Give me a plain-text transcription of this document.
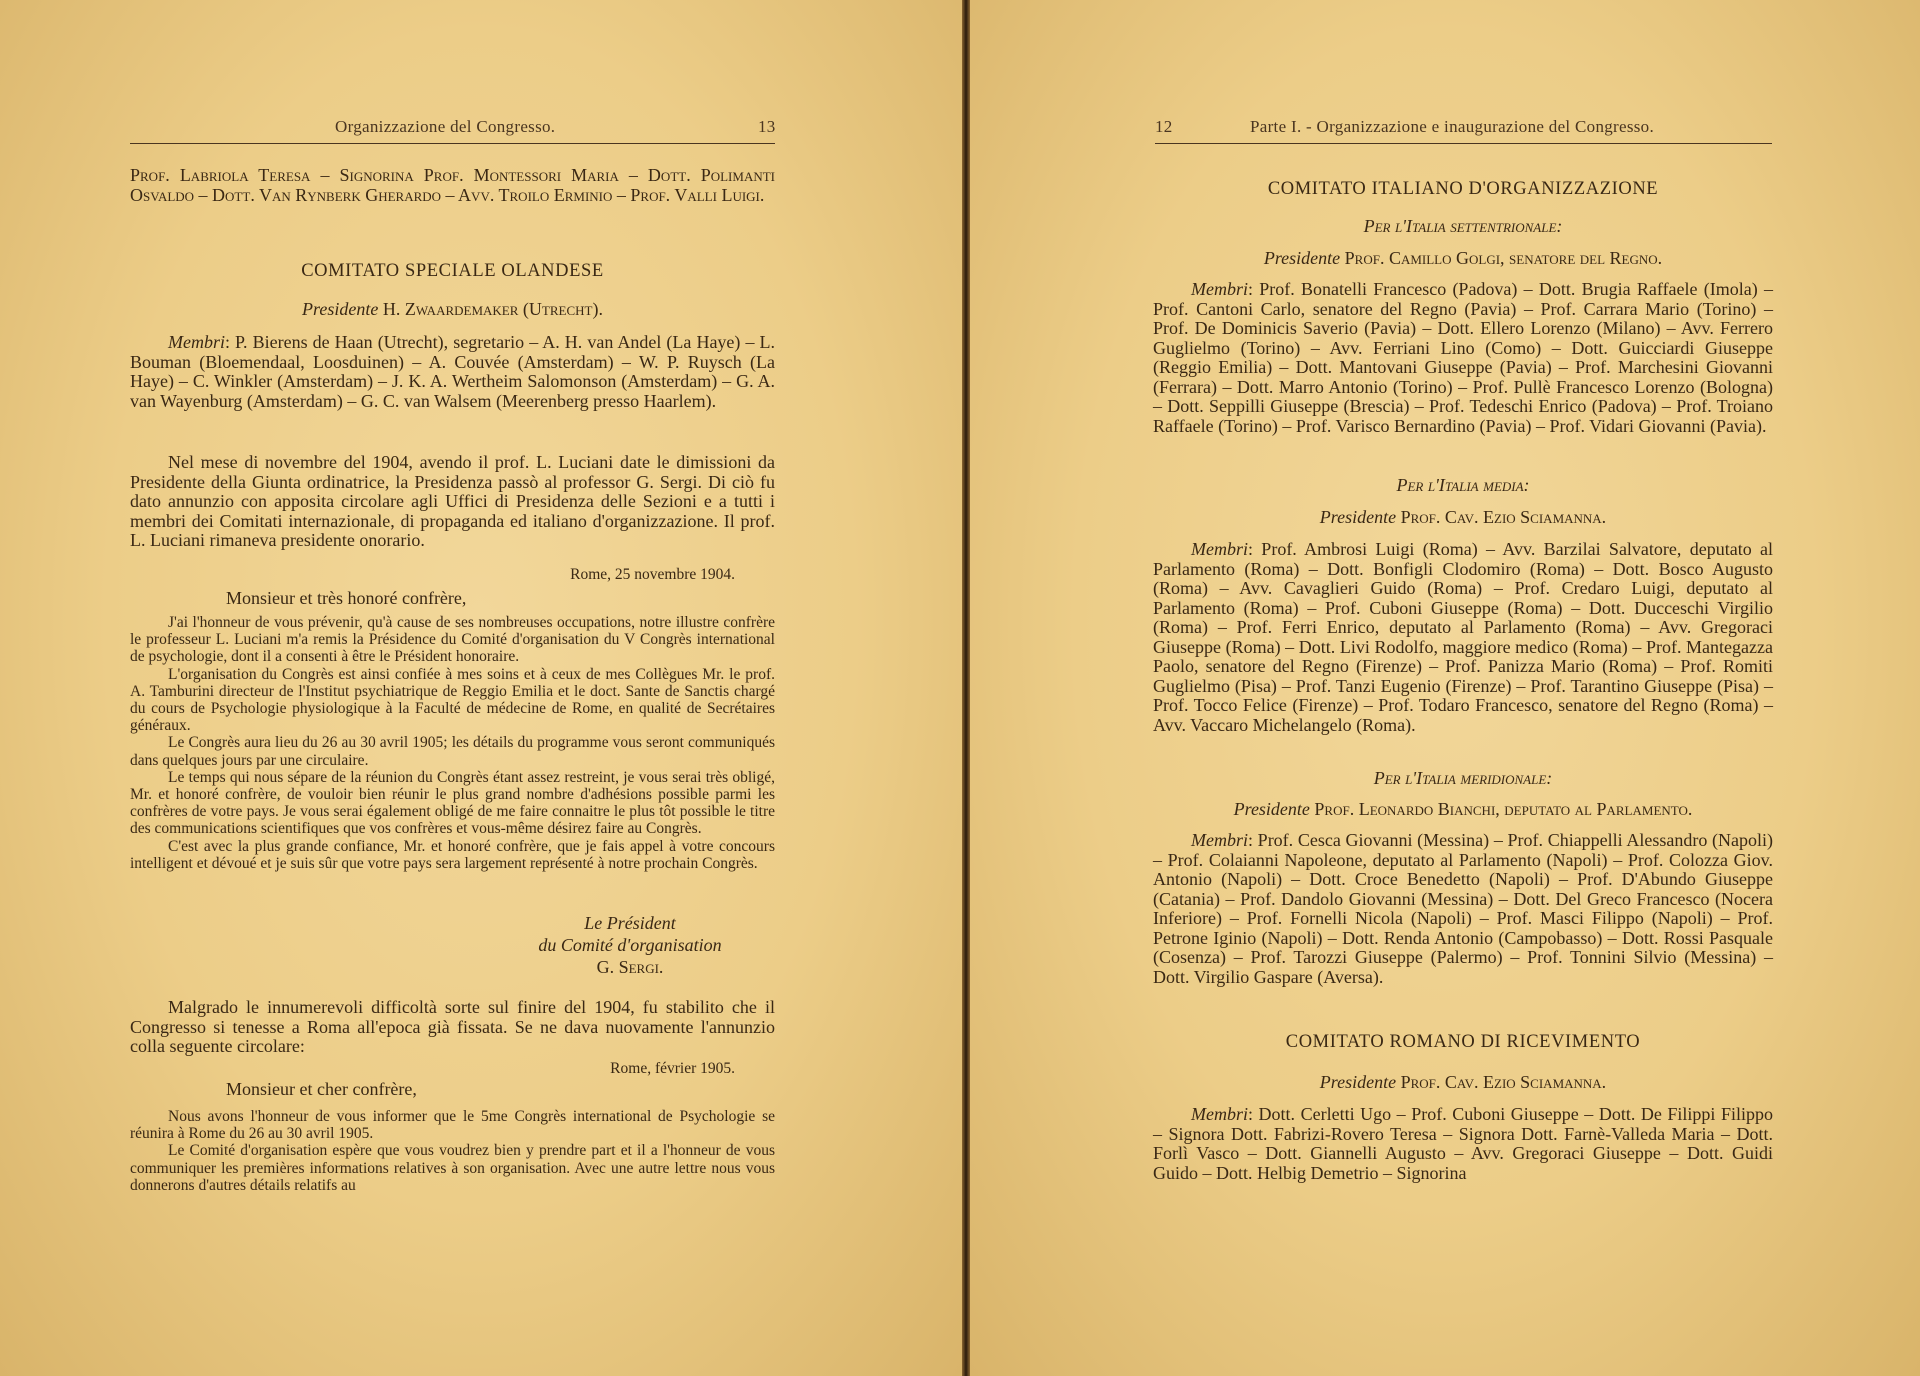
Organizzazione del Congresso.	13
Prof. Labriola Teresa – Signorina Prof. Montessori Maria – Dott. Polimanti Osvaldo – Dott. Van Rynberk Gherardo – Avv. Troilo Erminio – Prof. Valli Luigi.
COMITATO SPECIALE OLANDESE
Presidente H. Zwaardemaker (Utrecht).
Membri: P. Bierens de Haan (Utrecht), segretario – A. H. van Andel (La Haye) – L. Bouman (Bloemendaal, Loosduinen) – A. Couvée (Amsterdam) – W. P. Ruysch (La Haye) – C. Winkler (Amsterdam) – J. K. A. Wertheim Salomonson (Amsterdam) – G. A. van Wayenburg (Amsterdam) – G. C. van Walsem (Meerenberg presso Haarlem).
Nel mese di novembre del 1904, avendo il prof. L. Luciani date le dimissioni da Presidente della Giunta ordinatrice, la Presidenza passò al professor G. Sergi. Di ciò fu dato annunzio con apposita circolare agli Uffici di Presidenza delle Sezioni e a tutti i membri dei Comitati internazionale, di propaganda ed italiano d'organizzazione. Il prof. L. Luciani rimaneva presidente onorario.
Rome, 25 novembre 1904.
Monsieur et très honoré confrère,
J'ai l'honneur de vous prévenir, qu'à cause de ses nombreuses occupations, notre illustre confrère le professeur L. Luciani m'a remis la Présidence du Comité d'organisation du V Congrès international de psychologie, dont il a consenti à être le Président honoraire.
L'organisation du Congrès est ainsi confiée à mes soins et à ceux de mes Collègues Mr. le prof. A. Tamburini directeur de l'Institut psychiatrique de Reggio Emilia et le doct. Sante de Sanctis chargé du cours de Psychologie physiologique à la Faculté de médecine de Rome, en qualité de Secrétaires généraux.
Le Congrès aura lieu du 26 au 30 avril 1905; les détails du programme vous seront communiqués dans quelques jours par une circulaire.
Le temps qui nous sépare de la réunion du Congrès étant assez restreint, je vous serai très obligé, Mr. et honoré confrère, de vouloir bien réunir le plus grand nombre d'adhésions possible parmi les confrères de votre pays. Je vous serai également obligé de me faire connaitre le plus tôt possible le titre des communications scientifiques que vos confrères et vous-même désirez faire au Congrès.
C'est avec la plus grande confiance, Mr. et honoré confrère, que je fais appel à votre concours intelligent et dévoué et je suis sûr que votre pays sera largement représenté à notre prochain Congrès.
Le Président
du Comité d'organisation
G. Sergi.
Malgrado le innumerevoli difficoltà sorte sul finire del 1904, fu stabilito che il Congresso si tenesse a Roma all'epoca già fissata. Se ne dava nuovamente l'annunzio colla seguente circolare:
Rome, février 1905.
Monsieur et cher confrère,
Nous avons l'honneur de vous informer que le 5me Congrès international de Psychologie se réunira à Rome du 26 au 30 avril 1905.
Le Comité d'organisation espère que vous voudrez bien y prendre part et il a l'honneur de vous communiquer les premières informations relatives à son organisation. Avec une autre lettre nous vous donnerons d'autres détails relatifs au
12	Parte I. - Organizzazione e inaugurazione del Congresso.
COMITATO ITALIANO D'ORGANIZZAZIONE
Per l'Italia settentrionale:
Presidente Prof. Camillo Golgi, senatore del Regno.
Membri: Prof. Bonatelli Francesco (Padova) – Dott. Brugia Raffaele (Imola) – Prof. Cantoni Carlo, senatore del Regno (Pavia) – Prof. Carrara Mario (Torino) – Prof. De Dominicis Saverio (Pavia) – Dott. Ellero Lorenzo (Milano) – Avv. Ferrero Guglielmo (Torino) – Avv. Ferriani Lino (Como) – Dott. Guicciardi Giuseppe (Reggio Emilia) – Dott. Mantovani Giuseppe (Pavia) – Prof. Marchesini Giovanni (Ferrara) – Dott. Marro Antonio (Torino) – Prof. Pullè Francesco Lorenzo (Bologna) – Dott. Seppilli Giuseppe (Brescia) – Prof. Tedeschi Enrico (Padova) – Prof. Troiano Raffaele (Torino) – Prof. Varisco Bernardino (Pavia) – Prof. Vidari Giovanni (Pavia).
Per l'Italia media:
Presidente Prof. Cav. Ezio Sciamanna.
Membri: Prof. Ambrosi Luigi (Roma) – Avv. Barzilai Salvatore, deputato al Parlamento (Roma) – Dott. Bonfigli Clodomiro (Roma) – Dott. Bosco Augusto (Roma) – Avv. Cavaglieri Guido (Roma) – Prof. Credaro Luigi, deputato al Parlamento (Roma) – Prof. Cuboni Giuseppe (Roma) – Dott. Ducceschi Virgilio (Roma) – Prof. Ferri Enrico, deputato al Parlamento (Roma) – Avv. Gregoraci Giuseppe (Roma) – Dott. Livi Rodolfo, maggiore medico (Roma) – Prof. Mantegazza Paolo, senatore del Regno (Firenze) – Prof. Panizza Mario (Roma) – Prof. Romiti Guglielmo (Pisa) – Prof. Tanzi Eugenio (Firenze) – Prof. Tarantino Giuseppe (Pisa) – Prof. Tocco Felice (Firenze) – Prof. Todaro Francesco, senatore del Regno (Roma) – Avv. Vaccaro Michelangelo (Roma).
Per l'Italia meridionale:
Presidente Prof. Leonardo Bianchi, deputato al Parlamento.
Membri: Prof. Cesca Giovanni (Messina) – Prof. Chiappelli Alessandro (Napoli) – Prof. Colaianni Napoleone, deputato al Parlamento (Napoli) – Prof. Colozza Giov. Antonio (Napoli) – Dott. Croce Benedetto (Napoli) – Prof. D'Abundo Giuseppe (Catania) – Prof. Dandolo Giovanni (Messina) – Dott. Del Greco Francesco (Nocera Inferiore) – Prof. Fornelli Nicola (Napoli) – Prof. Masci Filippo (Napoli) – Prof. Petrone Iginio (Napoli) – Dott. Renda Antonio (Campobasso) – Dott. Rossi Pasquale (Cosenza) – Prof. Tarozzi Giuseppe (Palermo) – Prof. Tonnini Silvio (Messina) – Dott. Virgilio Gaspare (Aversa).
COMITATO ROMANO DI RICEVIMENTO
Presidente Prof. Cav. Ezio Sciamanna.
Membri: Dott. Cerletti Ugo – Prof. Cuboni Giuseppe – Dott. De Filippi Filippo – Signora Dott. Fabrizi-Rovero Teresa – Signora Dott. Farnè-Valleda Maria – Dott. Forlì Vasco – Dott. Giannelli Augusto – Avv. Gregoraci Giuseppe – Dott. Guidi Guido – Dott. Helbig Demetrio – Signorina
